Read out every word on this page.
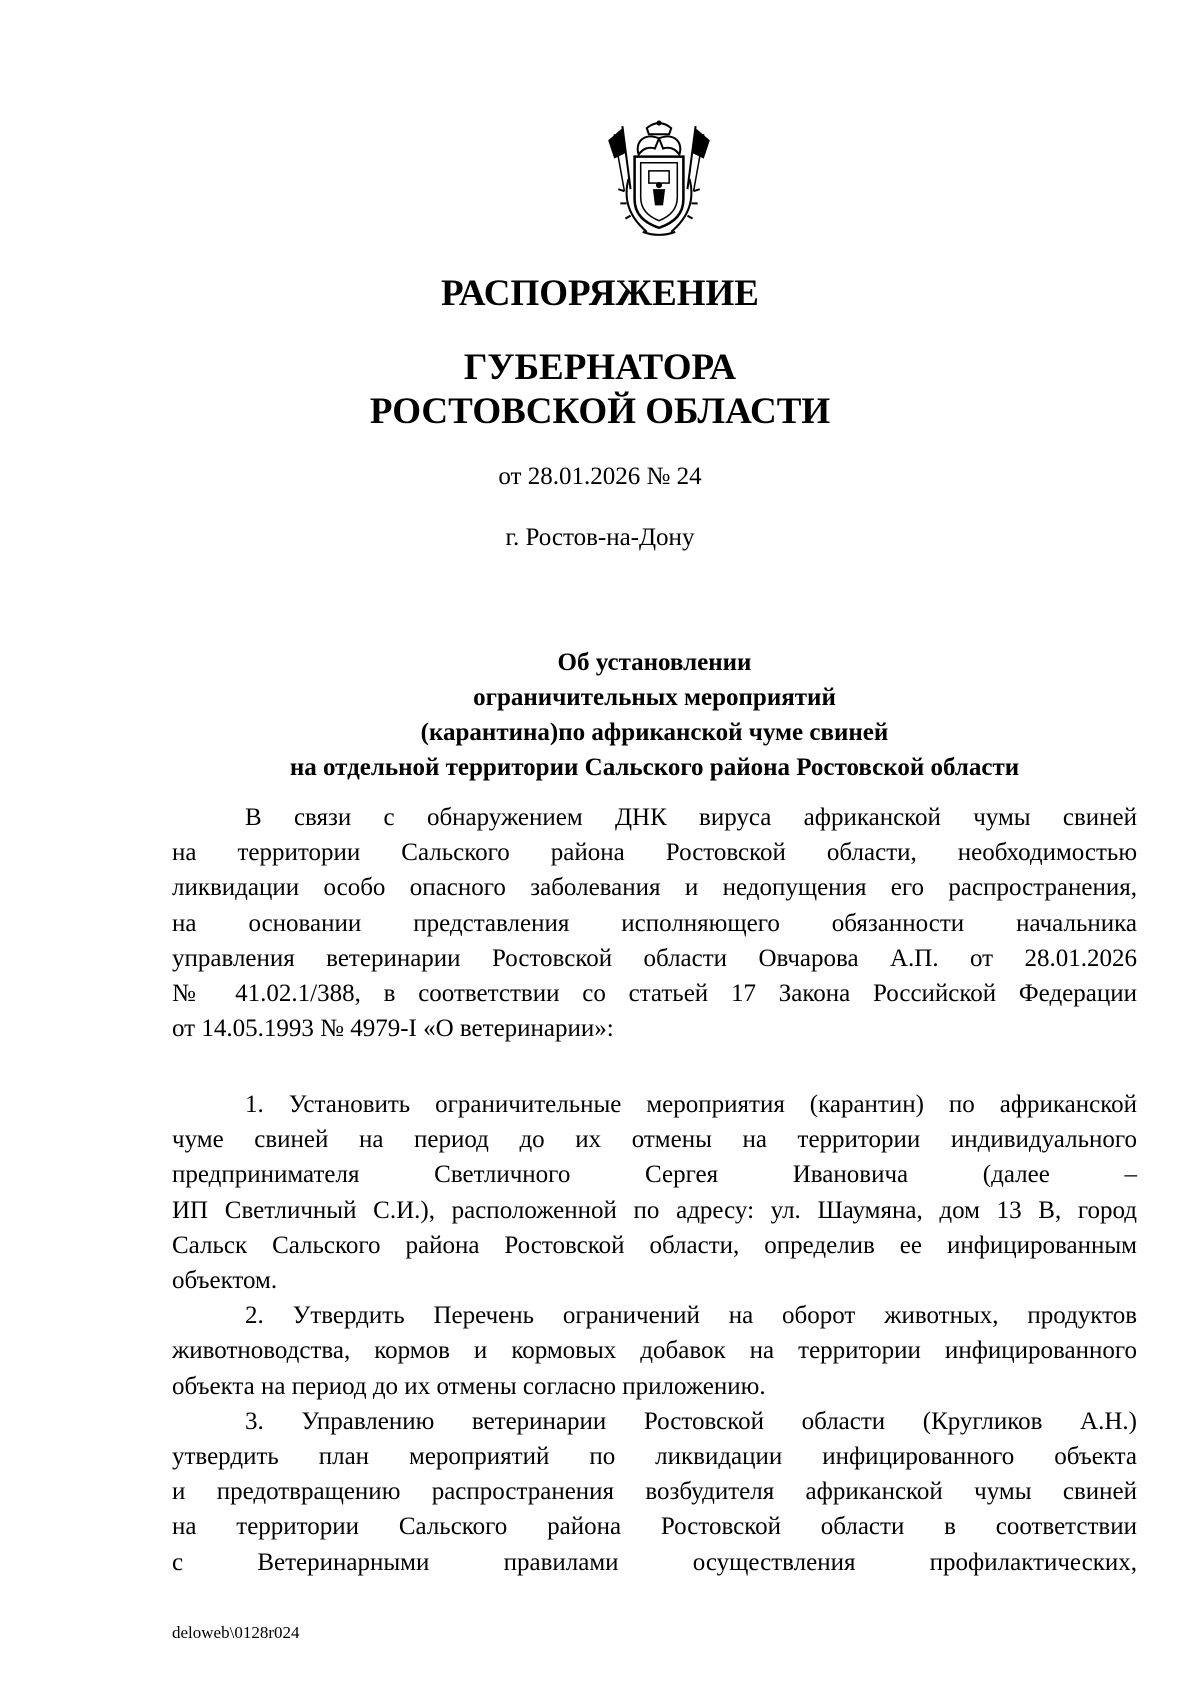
РАСПОРЯЖЕНИЕ
ГУБЕРНАТОРА
РОСТОВСКОЙ ОБЛАСТИ
от 28.01.2026 № 24
г. Ростов-на-Дону
Об установлении
ограничительных мероприятий
(карантина)по африканской чуме свиней
на отдельной территории Сальского района Ростовской области
В связи с обнаружением ДНК вируса африканской чумы свиней
на территории Сальского района Ростовской области, необходимостью
ликвидации особо опасного заболевания и недопущения его распространения,
на основании представления исполняющего обязанности начальника
управления ветеринарии Ростовской области Овчарова А.П. от 28.01.2026
№ 41.02.1/388, в соответствии со статьей 17 Закона Российской Федерации
от 14.05.1993 № 4979-I «О ветеринарии»:
1. Установить ограничительные мероприятия (карантин) по африканской
чуме свиней на период до их отмены на территории индивидуального
предпринимателя Светличного Сергея Ивановича (далее –
ИП Светличный С.И.), расположенной по адресу: ул. Шаумяна, дом 13 В, город
Сальск Сальского района Ростовской области, определив ее инфицированным
объектом.
2. Утвердить Перечень ограничений на оборот животных, продуктов
животноводства, кормов и кормовых добавок на территории инфицированного
объекта на период до их отмены согласно приложению.
3. Управлению ветеринарии Ростовской области (Кругликов А.Н.)
утвердить план мероприятий по ликвидации инфицированного объекта
и предотвращению распространения возбудителя африканской чумы свиней
на территории Сальского района Ростовской области в соответствии
с Ветеринарными правилами осуществления профилактических,
deloweb\0128r024
